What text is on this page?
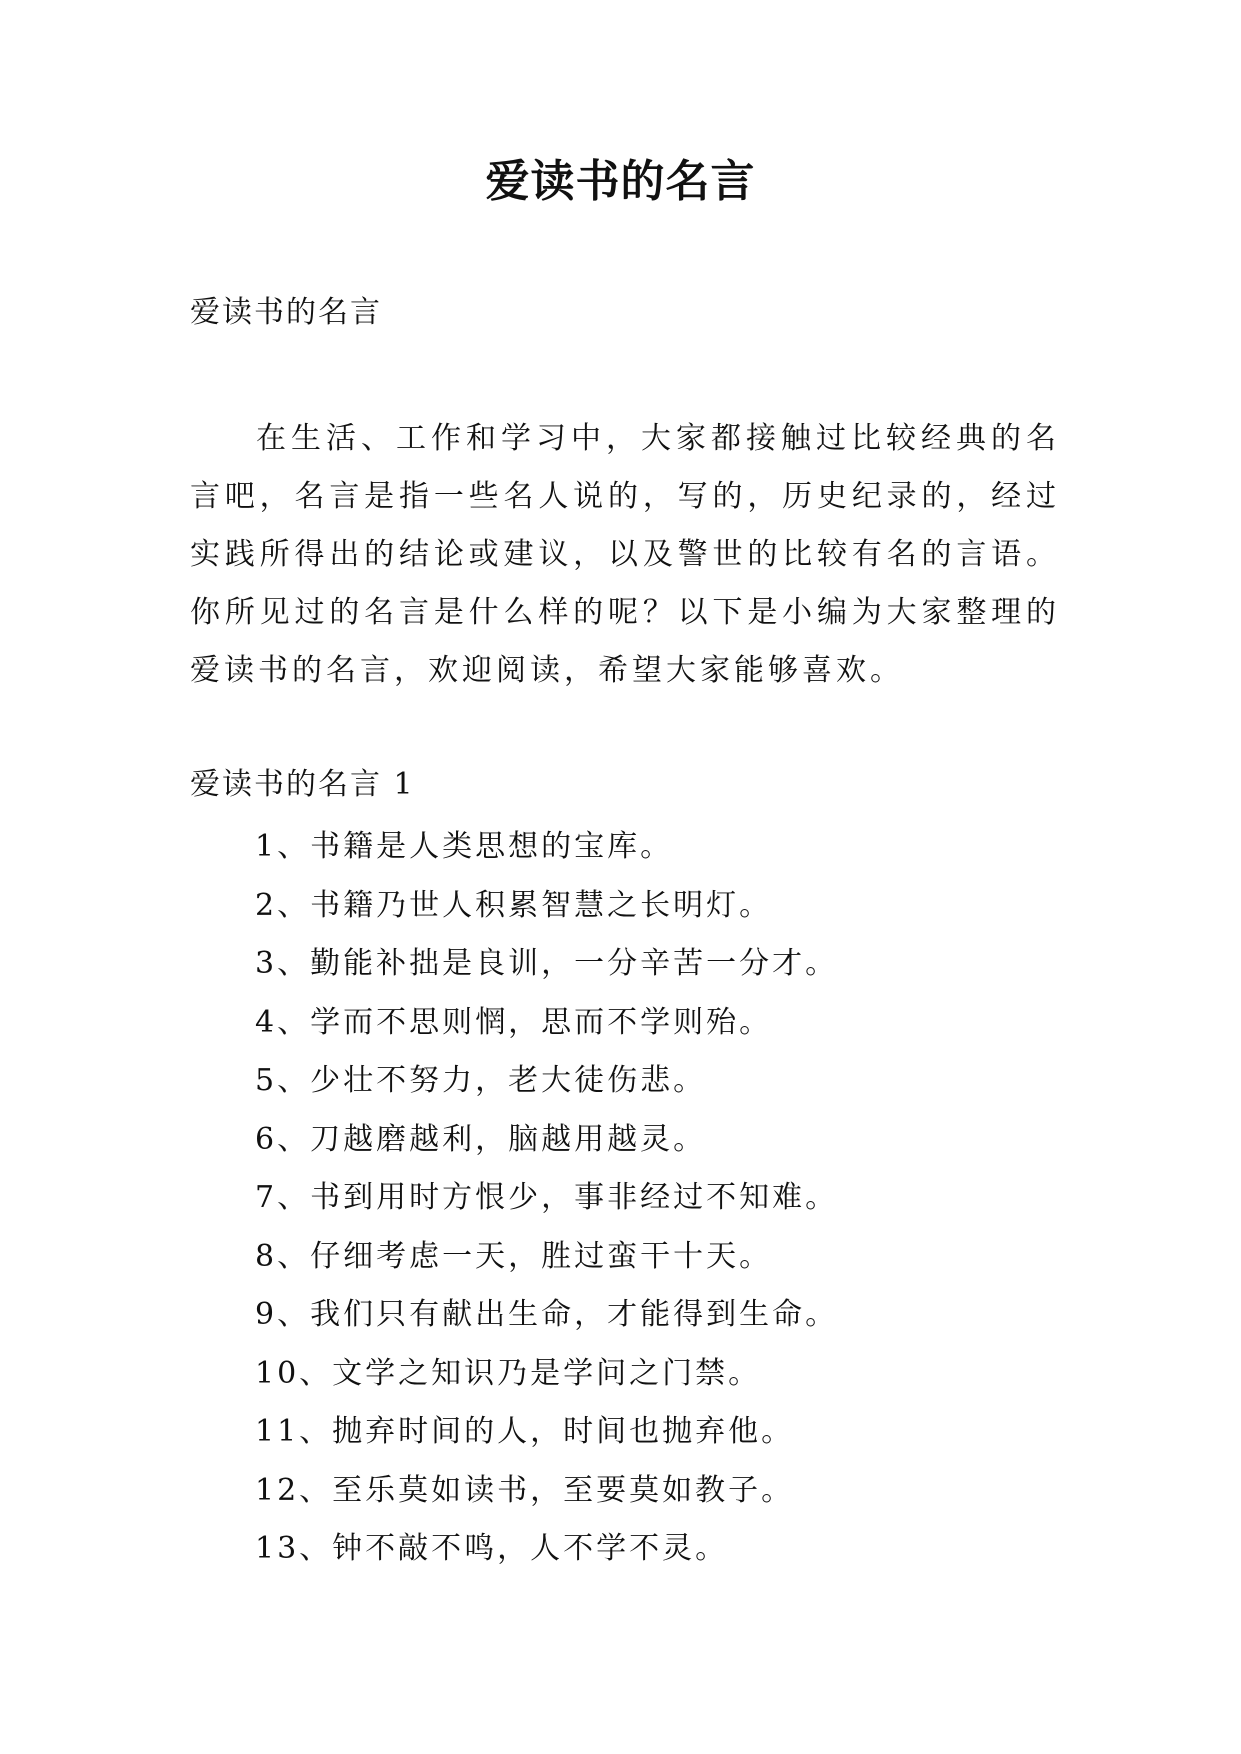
爱读书的名言

爱读书的名言

在生活、工作和学习中，大家都接触过比较经典的名言吧，名言是指一些名人说的，写的，历史纪录的，经过实践所得出的结论或建议，以及警世的比较有名的言语。你所见过的名言是什么样的呢？以下是小编为大家整理的爱读书的名言，欢迎阅读，希望大家能够喜欢。

爱读书的名言 1

1、书籍是人类思想的宝库。
2、书籍乃世人积累智慧之长明灯。
3、勤能补拙是良训，一分辛苦一分才。
4、学而不思则惘，思而不学则殆。
5、少壮不努力，老大徒伤悲。
6、刀越磨越利，脑越用越灵。
7、书到用时方恨少，事非经过不知难。
8、仔细考虑一天，胜过蛮干十天。
9、我们只有献出生命，才能得到生命。
10、文学之知识乃是学问之门禁。
11、抛弃时间的人，时间也抛弃他。
12、至乐莫如读书，至要莫如教子。
13、钟不敲不鸣，人不学不灵。
